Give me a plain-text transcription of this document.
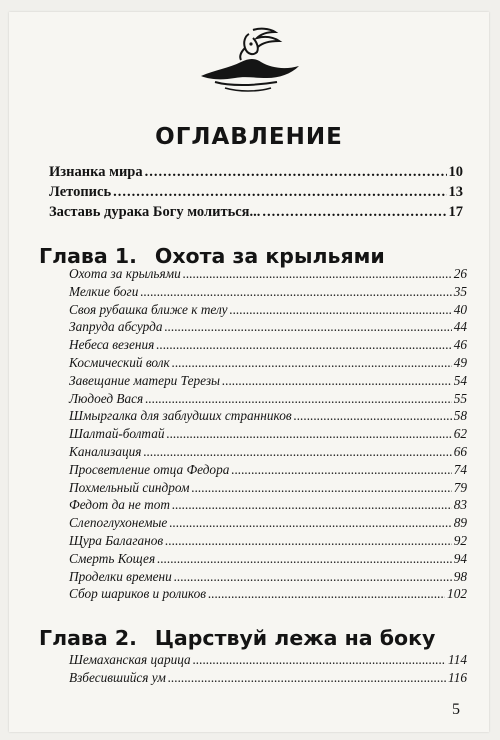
ОГЛАВЛЕНИЕ
Изнанка мира .....	10
Летопись .....	13
Заставь дурака Богу молиться... .....	17
Глава 1. Охота за крыльями
Охота за крыльями .....	26
Мелкие боги .....	35
Своя рубашка ближе к телу .....	40
Запруда абсурда .....	44
Небеса везения .....	46
Космический волк .....	49
Завещание матери Терезы .....	54
Людоед Вася .....	55
Шмыргалка для заблудших странников .....	58
Шалтай-болтай .....	62
Канализация .....	66
Просветление отца Федора .....	74
Похмельный синдром .....	79
Федот да не тот .....	83
Слепоглухонемые .....	89
Щура Балаганов .....	92
Смерть Кощея .....	94
Проделки времени .....	98
Сбор шариков и роликов .....	102
Глава 2. Царствуй лежа на боку
Шемаханская царица .....	114
Взбесившийся ум .....	116
5
